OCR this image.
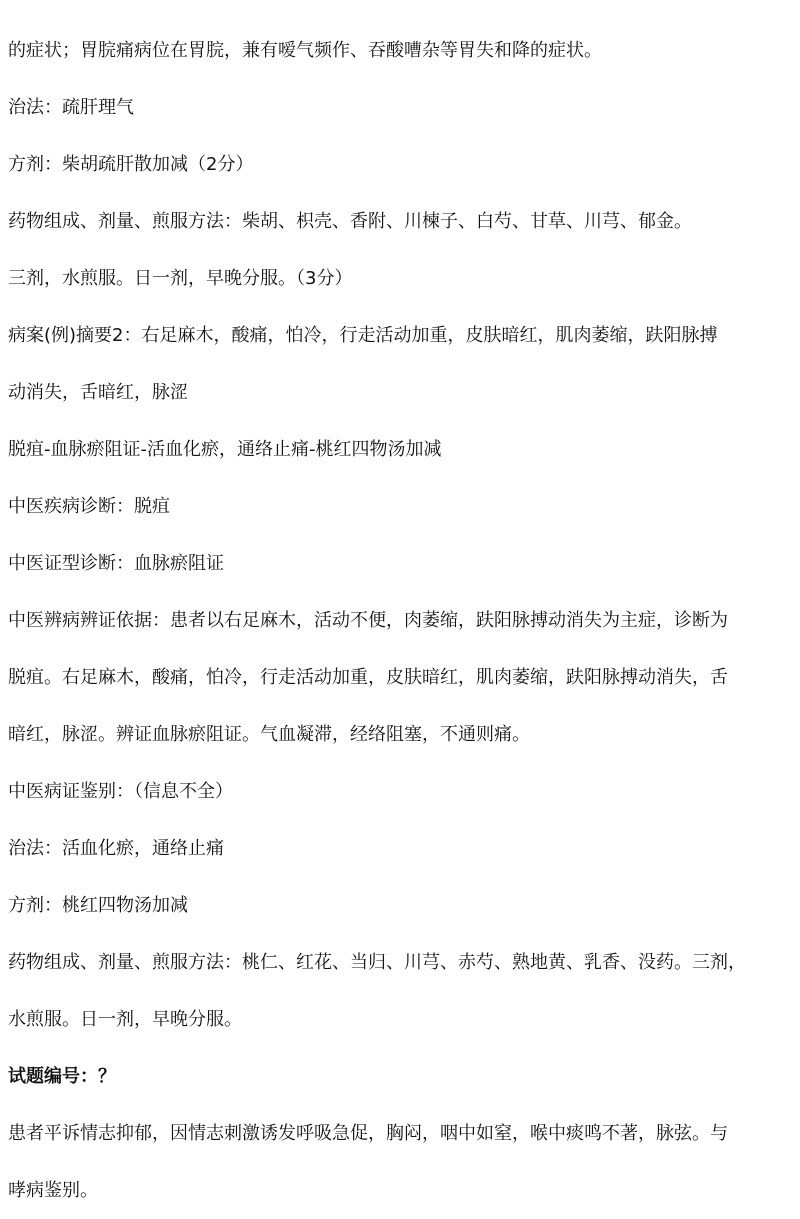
的症状；胃脘痛病位在胃脘，兼有嗳气频作、吞酸嘈杂等胃失和降的症状。
治法：疏肝理气
方剂：柴胡疏肝散加减（2分）
药物组成、剂量、煎服方法：柴胡、枳壳、香附、川楝子、白芍、甘草、川芎、郁金。
三剂，水煎服。日一剂，早晚分服。（3分）
病案(例)摘要2：右足麻木，酸痛，怕冷，行走活动加重，皮肤暗红，肌肉萎缩，趺阳脉搏
动消失，舌暗红，脉涩
脱疽-血脉瘀阻证-活血化瘀，通络止痛-桃红四物汤加减
中医疾病诊断：脱疽
中医证型诊断：血脉瘀阻证
中医辨病辨证依据：患者以右足麻木，活动不便，肉萎缩，趺阳脉搏动消失为主症，诊断为
脱疽。右足麻木，酸痛，怕冷，行走活动加重，皮肤暗红，肌肉萎缩，趺阳脉搏动消失，舌
暗红，脉涩。辨证血脉瘀阻证。气血凝滞，经络阻塞，不通则痛。
中医病证鉴别：（信息不全）
治法：活血化瘀，通络止痛
方剂：桃红四物汤加减
药物组成、剂量、煎服方法：桃仁、红花、当归、川芎、赤芍、熟地黄、乳香、没药。三剂，
水煎服。日一剂，早晚分服。
试题编号：？
患者平诉情志抑郁，因情志刺激诱发呼吸急促，胸闷，咽中如窒，喉中痰鸣不著，脉弦。与
哮病鉴别。
